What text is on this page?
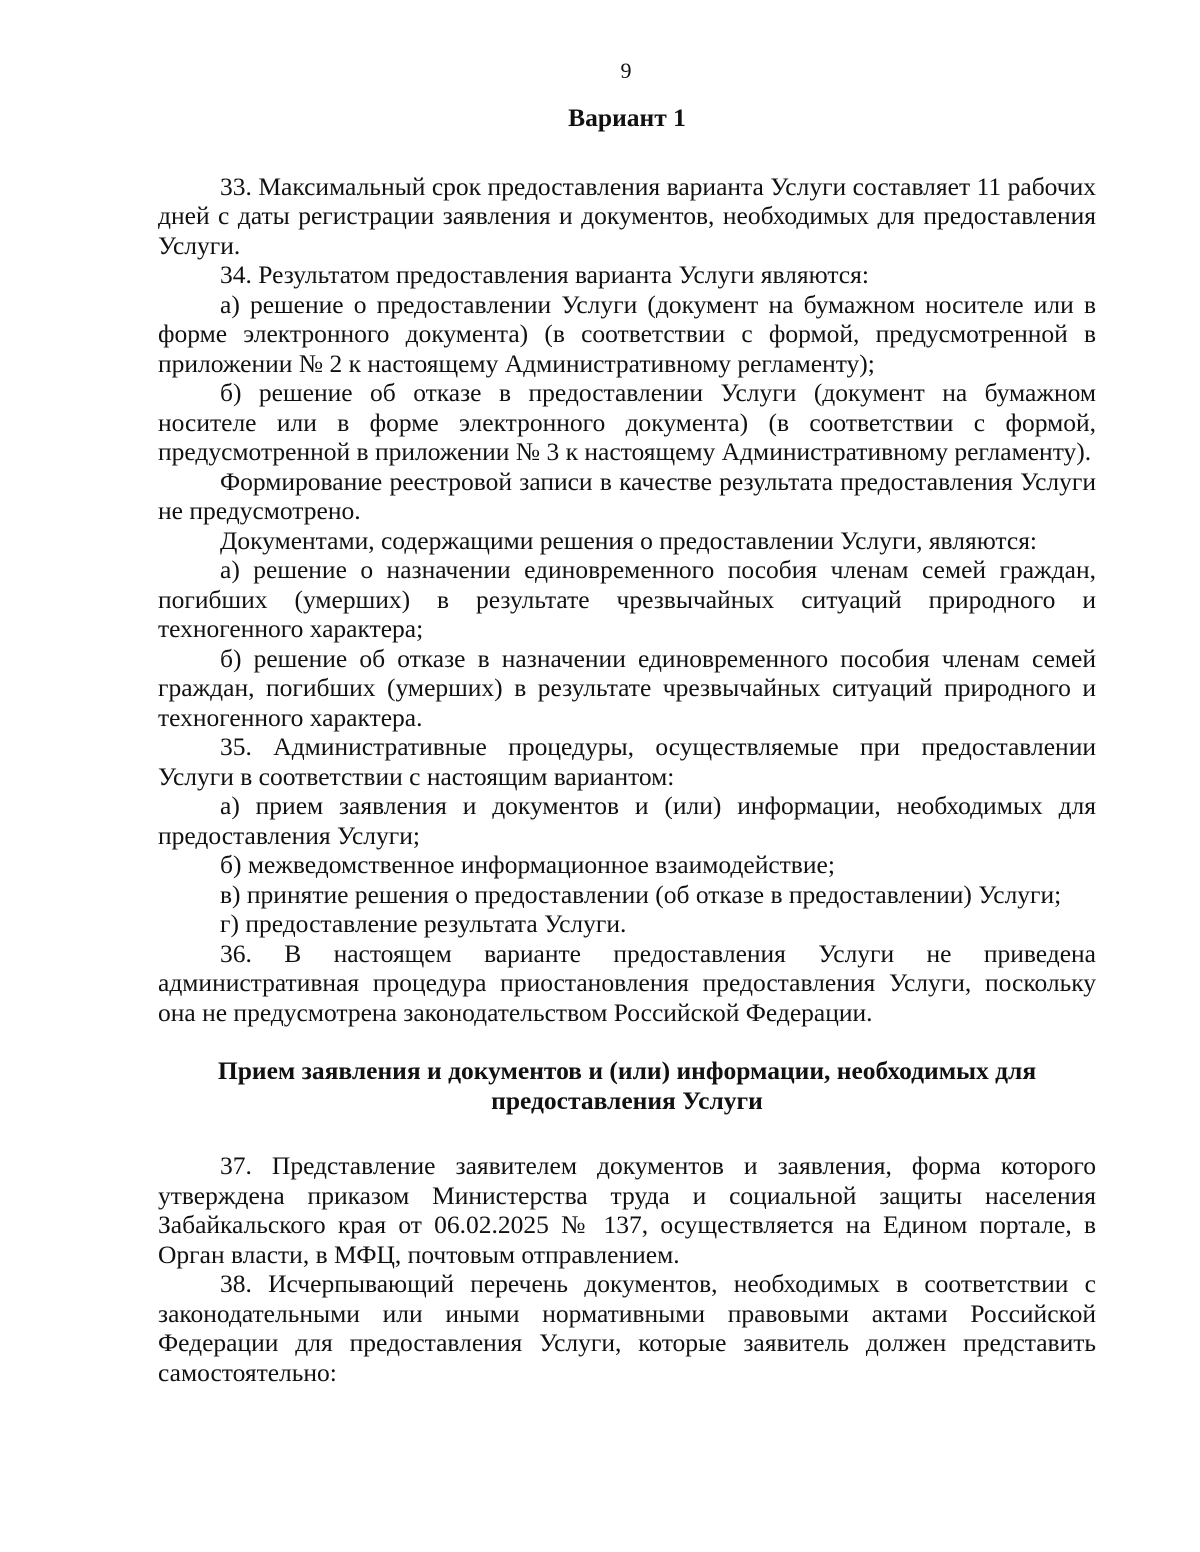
9

Вариант 1

33. Максимальный срок предоставления варианта Услуги составляет 11 рабочих дней с даты регистрации заявления и документов, необходимых для предоставления Услуги.

34. Результатом предоставления варианта Услуги являются:

а) решение о предоставлении Услуги (документ на бумажном носителе или в форме электронного документа) (в соответствии с формой, предусмотренной в приложении № 2 к настоящему Административному регламенту);

б) решение об отказе в предоставлении Услуги (документ на бумажном носителе или в форме электронного документа) (в соответствии с формой, предусмотренной в приложении № 3 к настоящему Административному регламенту).

Формирование реестровой записи в качестве результата предоставления Услуги не предусмотрено.

Документами, содержащими решения о предоставлении Услуги, являются:

а) решение о назначении единовременного пособия членам семей граждан, погибших (умерших) в результате чрезвычайных ситуаций природного и техногенного характера;

б) решение об отказе в назначении единовременного пособия членам семей граждан, погибших (умерших) в результате чрезвычайных ситуаций природного и техногенного характера.

35. Административные процедуры, осуществляемые при предоставлении Услуги в соответствии с настоящим вариантом:

а) прием заявления и документов и (или) информации, необходимых для предоставления Услуги;

б) межведомственное информационное взаимодействие;

в) принятие решения о предоставлении (об отказе в предоставлении) Услуги;

г) предоставление результата Услуги.

36. В настоящем варианте предоставления Услуги не приведена административная процедура приостановления предоставления Услуги, поскольку она не предусмотрена законодательством Российской Федерации.

Прием заявления и документов и (или) информации, необходимых для предоставления Услуги

37. Представление заявителем документов и заявления, форма которого утверждена приказом Министерства труда и социальной защиты населения Забайкальского края от 06.02.2025 № 137, осуществляется на Едином портале, в Орган власти, в МФЦ, почтовым отправлением.

38. Исчерпывающий перечень документов, необходимых в соответствии с законодательными или иными нормативными правовыми актами Российской Федерации для предоставления Услуги, которые заявитель должен представить самостоятельно:
